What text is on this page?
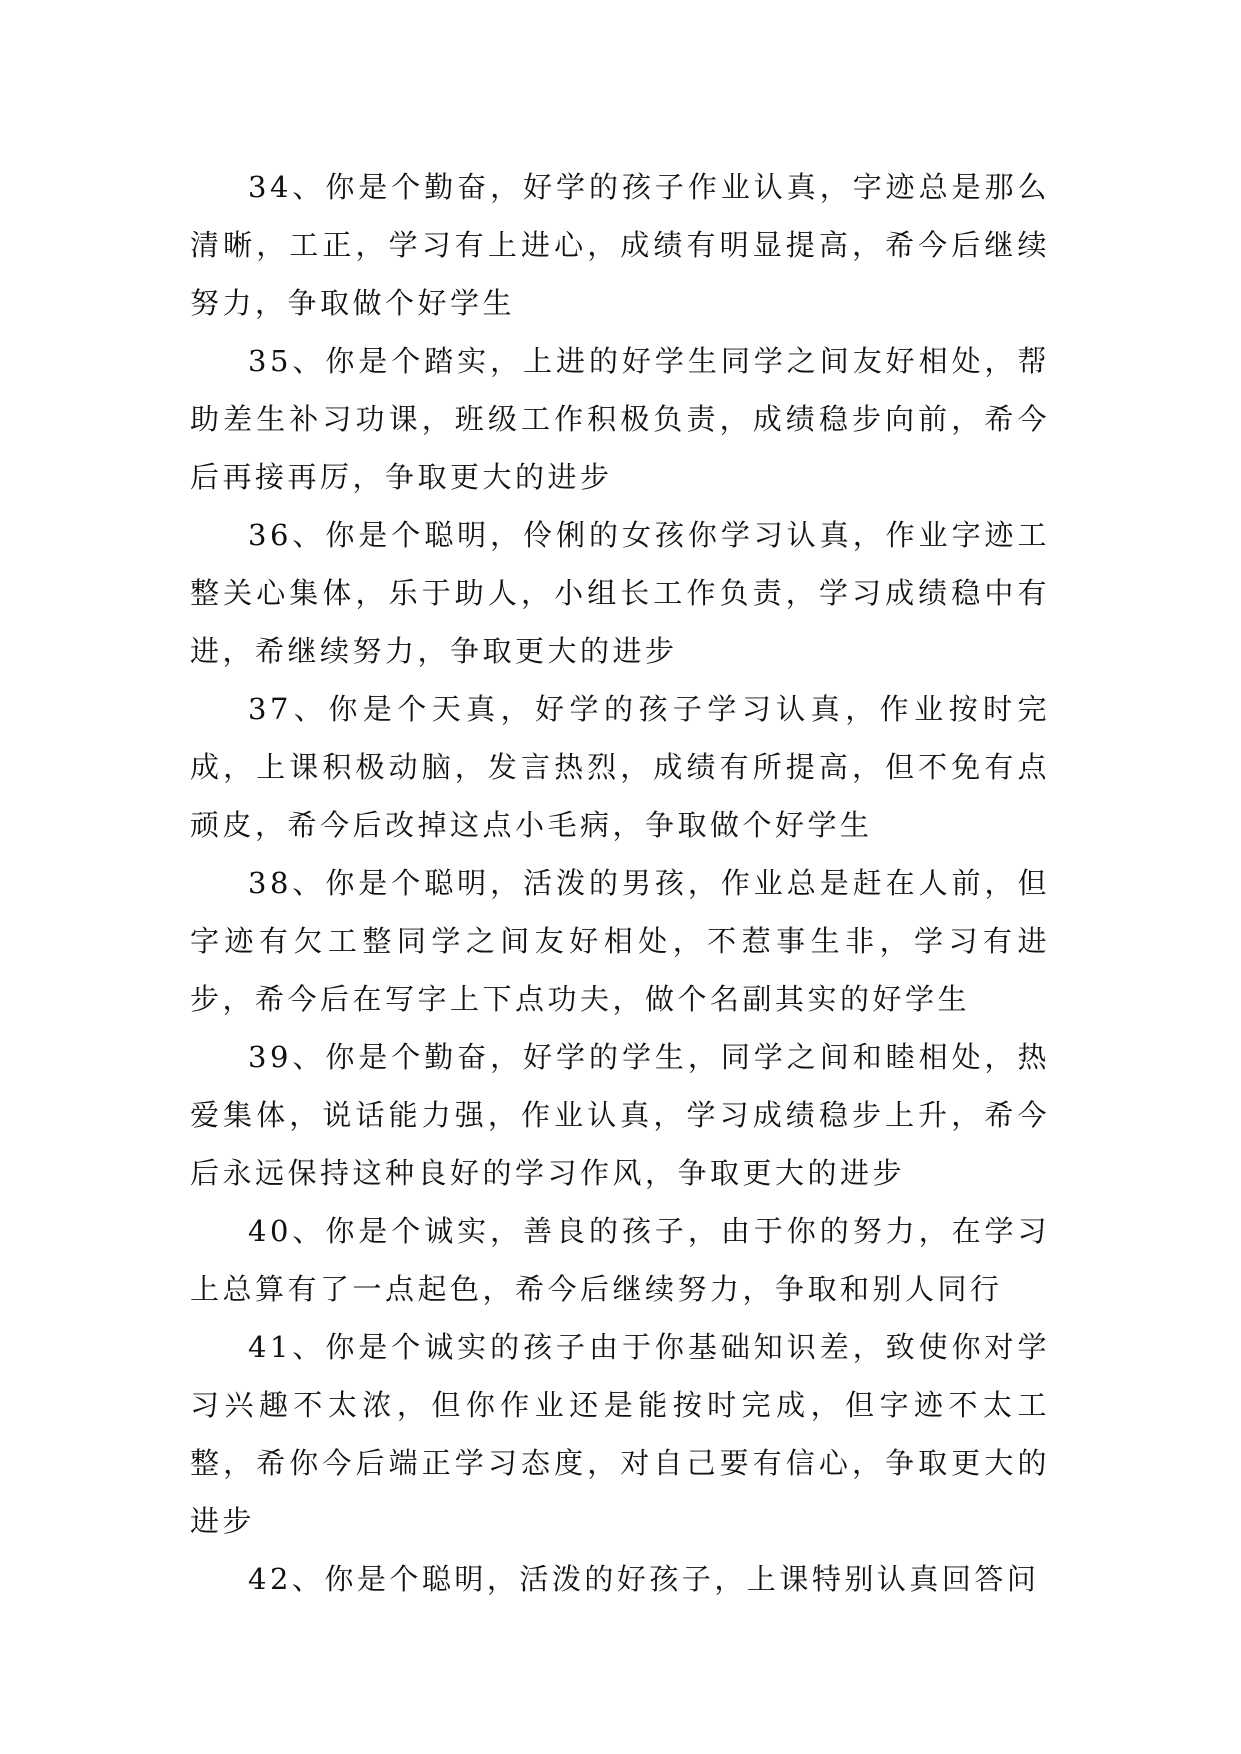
34、你是个勤奋，好学的孩子作业认真，字迹总是那么清晰，工正，学习有上进心，成绩有明显提高，希今后继续努力，争取做个好学生

35、你是个踏实，上进的好学生同学之间友好相处，帮助差生补习功课，班级工作积极负责，成绩稳步向前，希今后再接再厉，争取更大的进步

36、你是个聪明，伶俐的女孩你学习认真，作业字迹工整关心集体，乐于助人，小组长工作负责，学习成绩稳中有进，希继续努力，争取更大的进步

37、你是个天真，好学的孩子学习认真，作业按时完成，上课积极动脑，发言热烈，成绩有所提高，但不免有点顽皮，希今后改掉这点小毛病，争取做个好学生

38、你是个聪明，活泼的男孩，作业总是赶在人前，但字迹有欠工整同学之间友好相处，不惹事生非，学习有进步，希今后在写字上下点功夫，做个名副其实的好学生

39、你是个勤奋，好学的学生，同学之间和睦相处，热爱集体，说话能力强，作业认真，学习成绩稳步上升，希今后永远保持这种良好的学习作风，争取更大的进步

40、你是个诚实，善良的孩子，由于你的努力，在学习上总算有了一点起色，希今后继续努力，争取和别人同行

41、你是个诚实的孩子由于你基础知识差，致使你对学习兴趣不太浓，但你作业还是能按时完成，但字迹不太工整，希你今后端正学习态度，对自己要有信心，争取更大的进步

42、你是个聪明，活泼的好孩子，上课特别认真回答问
